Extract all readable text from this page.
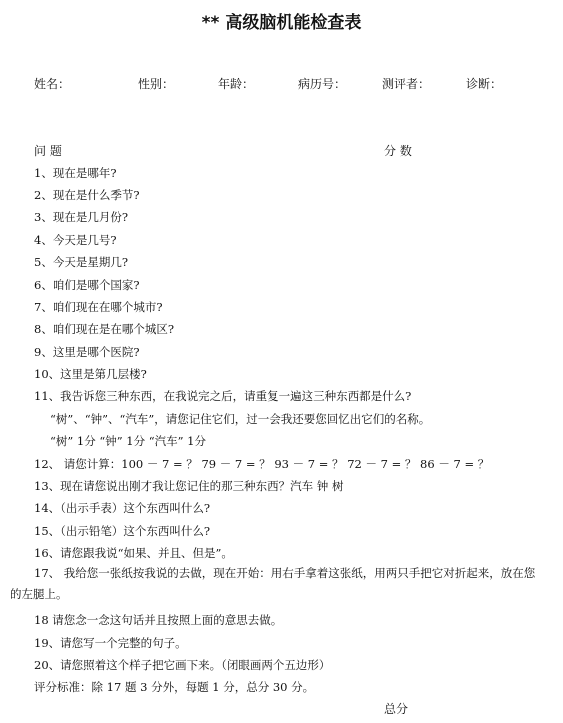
** 高级脑机能检查表
姓名：	性别：	年龄：	病历号：	测评者：	诊断：
问 题	分 数
1、现在是哪年?
2、现在是什么季节?
3、现在是几月份?
4、今天是几号?
5、今天是星期几?
6、咱们是哪个国家?
7、咱们现在在哪个城市?
8、咱们现在是在哪个城区?
9、这里是哪个医院?
10、这里是第几层楼?
11、我告诉您三种东西，在我说完之后，请重复一遍这三种东西都是什么?
“树”、“钟”、“汽车”，请您记住它们，过一会我还要您回忆出它们的名称。
“树” 1分 “钟” 1分 “汽车” 1分
12、 请您计算：100 － 7 = ？ 79 － 7 = ？ 93 － 7 = ？ 72 － 7 = ？ 86 － 7 = ？
13、现在请您说出刚才我让您记住的那三种东西？汽车 钟 树
14、（出示手表）这个东西叫什么?
15、（出示铅笔）这个东西叫什么?
16、请您跟我说“如果、并且、但是”。
17、 我给您一张纸按我说的去做，现在开始：用右手拿着这张纸，用两只手把它对折起来，放在您的左腿上。
18 请您念一念这句话并且按照上面的意思去做。
19、请您写一个完整的句子。
20、请您照着这个样子把它画下来。（闭眼画两个五边形）
评分标准：除 17 题 3 分外，每题 1 分，总分 30 分。
总分
